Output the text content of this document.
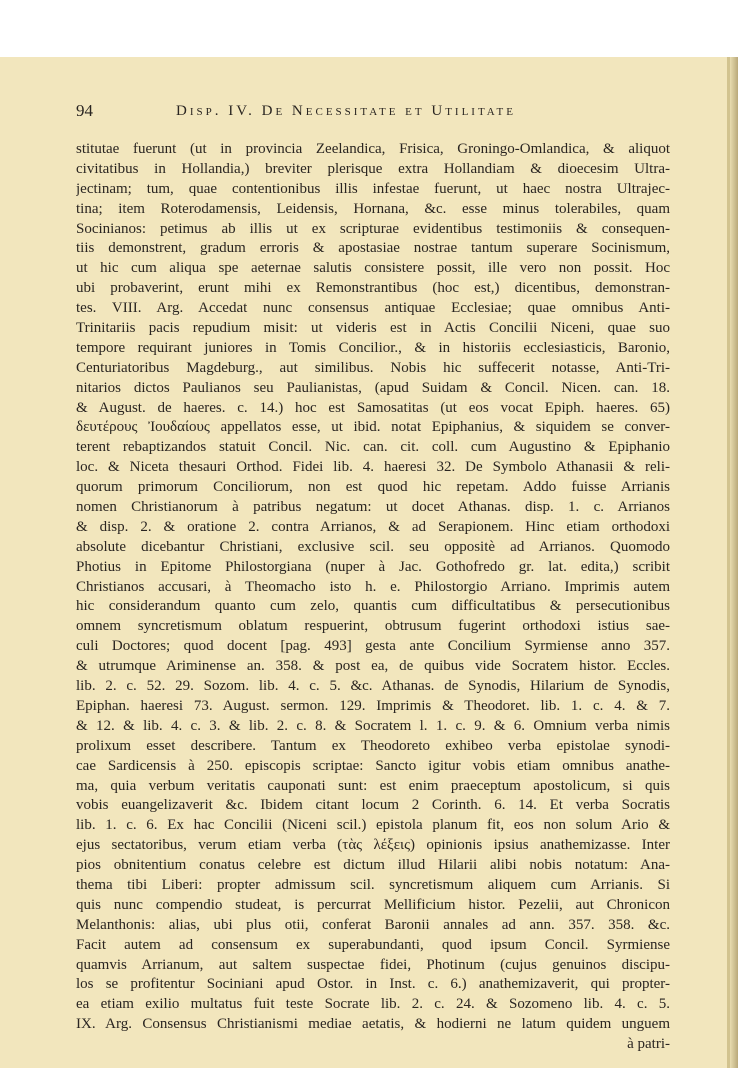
94	Disp. IV. De Necessitate et Utilitate
stitutae fuerunt (ut in provincia Zeelandica, Frisica, Groningo-Omlandica, & aliquot
civitatibus in Hollandia,) breviter plerisque extra Hollandiam & dioecesim Ultra-
jectinam; tum, quae contentionibus illis infestae fuerunt, ut haec nostra Ultrajec-
tina; item Roterodamensis, Leidensis, Hornana, &c. esse minus tolerabiles, quam
Socinianos: petimus ab illis ut ex scripturae evidentibus testimoniis & consequen-
tiis demonstrent, gradum erroris & apostasiae nostrae tantum superare Socinismum,
ut hic cum aliqua spe aeternae salutis consistere possit, ille vero non possit. Hoc
ubi probaverint, erunt mihi ex Remonstrantibus (hoc est,) dicentibus, demonstran-
tes. VIII. Arg. Accedat nunc consensus antiquae Ecclesiae; quae omnibus Anti-
Trinitariis pacis repudium misit: ut videris est in Actis Concilii Niceni, quae suo
tempore requirant juniores in Tomis Concilior., & in historiis ecclesiasticis, Baronio,
Centuriatoribus Magdeburg., aut similibus. Nobis hic suffecerit notasse, Anti-Tri-
nitarios dictos Paulianos seu Paulianistas, (apud Suidam & Concil. Nicen. can. 18.
& August. de haeres. c. 14.) hoc est Samosatitas (ut eos vocat Epiph. haeres. 65)
δευτέρους Ἰουδαίους appellatos esse, ut ibid. notat Epiphanius, & siquidem se conver-
terent rebaptizandos statuit Concil. Nic. can. cit. coll. cum Augustino & Epiphanio
loc. & Niceta thesauri Orthod. Fidei lib. 4. haeresi 32. De Symbolo Athanasii & reli-
quorum primorum Conciliorum, non est quod hic repetam. Addo fuisse Arrianis
nomen Christianorum à patribus negatum: ut docet Athanas. disp. 1. c. Arrianos
& disp. 2. & oratione 2. contra Arrianos, & ad Serapionem. Hinc etiam orthodoxi
absolute dicebantur Christiani, exclusive scil. seu oppositè ad Arrianos. Quomodo
Photius in Epitome Philostorgiana (nuper à Jac. Gothofredo gr. lat. edita,) scribit
Christianos accusari, à Theomacho isto h. e. Philostorgio Arriano. Imprimis autem
hic considerandum quanto cum zelo, quantis cum difficultatibus & persecutionibus
omnem syncretismum oblatum respuerint, obtrusum fugerint orthodoxi istius sae-
culi Doctores; quod docent [pag. 493] gesta ante Concilium Syrmiense anno 357.
& utrumque Ariminense an. 358. & post ea, de quibus vide Socratem histor. Eccles.
lib. 2. c. 52. 29. Sozom. lib. 4. c. 5. &c. Athanas. de Synodis, Hilarium de Synodis,
Epiphan. haeresi 73. August. sermon. 129. Imprimis & Theodoret. lib. 1. c. 4. & 7.
& 12. & lib. 4. c. 3. & lib. 2. c. 8. & Socratem l. 1. c. 9. & 6. Omnium verba nimis
prolixum esset describere. Tantum ex Theodoreto exhibeo verba epistolae synodi-
cae Sardicensis à 250. episcopis scriptae: Sancto igitur vobis etiam omnibus anathe-
ma, quia verbum veritatis cauponati sunt: est enim praeceptum apostolicum, si quis
vobis euangelizaverit &c. Ibidem citant locum 2 Corinth. 6. 14. Et verba Socratis
lib. 1. c. 6. Ex hac Concilii (Niceni scil.) epistola planum fit, eos non solum Ario &
ejus sectatoribus, verum etiam verba (τὰς λέξεις) opinionis ipsius anathemizasse. Inter
pios obnitentium conatus celebre est dictum illud Hilarii alibi nobis notatum: Ana-
thema tibi Liberi: propter admissum scil. syncretismum aliquem cum Arrianis. Si
quis nunc compendio studeat, is percurrat Mellificium histor. Pezelii, aut Chronicon
Melanthonis: alias, ubi plus otii, conferat Baronii annales ad ann. 357. 358. &c.
Facit autem ad consensum ex superabundanti, quod ipsum Concil. Syrmiense
quamvis Arrianum, aut saltem suspectae fidei, Photinum (cujus genuinos discipu-
los se profitentur Sociniani apud Ostor. in Inst. c. 6.) anathemizaverit, qui propter-
ea etiam exilio multatus fuit teste Socrate lib. 2. c. 24. & Sozomeno lib. 4. c. 5.
IX. Arg. Consensus Christianismi mediae aetatis, & hodierni ne latum quidem unguem
à patri-
